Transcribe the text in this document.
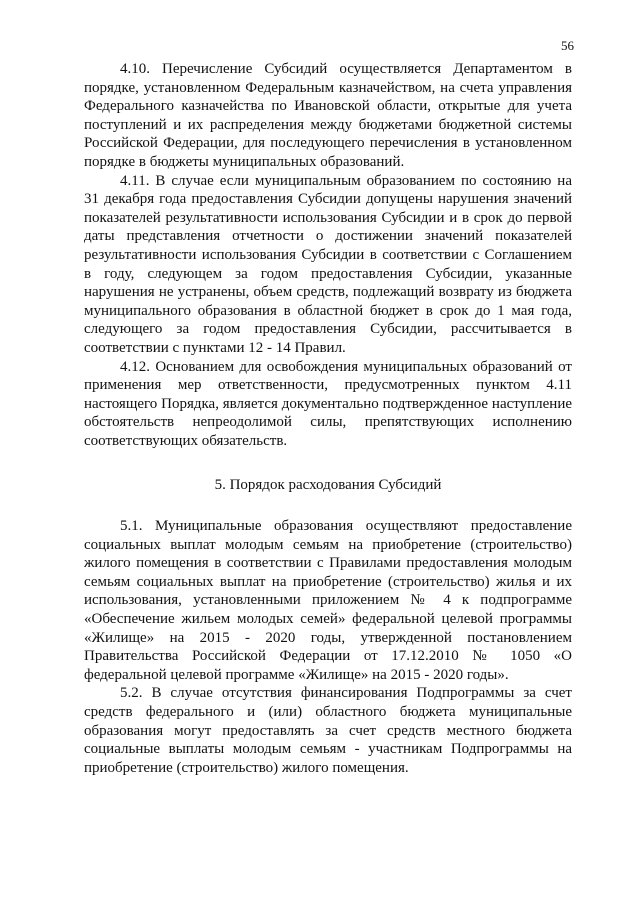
56

4.10. Перечисление Субсидий осуществляется Департаментом в порядке, установленном Федеральным казначейством, на счета управления Федерального казначейства по Ивановской области, открытые для учета поступлений и их распределения между бюджетами бюджетной системы Российской Федерации, для последующего перечисления в установленном порядке в бюджеты муниципальных образований.

4.11. В случае если муниципальным образованием по состоянию на 31 декабря года предоставления Субсидии допущены нарушения значений показателей результативности использования Субсидии и в срок до первой даты представления отчетности о достижении значений показателей результативности использования Субсидии в соответствии с Соглашением в году, следующем за годом предоставления Субсидии, указанные нарушения не устранены, объем средств, подлежащий возврату из бюджета муниципального образования в областной бюджет в срок до 1 мая года, следующего за годом предоставления Субсидии, рассчитывается в соответствии с пунктами 12 - 14 Правил.

4.12. Основанием для освобождения муниципальных образований от применения мер ответственности, предусмотренных пунктом 4.11 настоящего Порядка, является документально подтвержденное наступление обстоятельств непреодолимой силы, препятствующих исполнению соответствующих обязательств.

5. Порядок расходования Субсидий

5.1. Муниципальные образования осуществляют предоставление социальных выплат молодым семьям на приобретение (строительство) жилого помещения в соответствии с Правилами предоставления молодым семьям социальных выплат на приобретение (строительство) жилья и их использования, установленными приложением № 4 к подпрограмме «Обеспечение жильем молодых семей» федеральной целевой программы «Жилище» на 2015 - 2020 годы, утвержденной постановлением Правительства Российской Федерации от 17.12.2010 № 1050 «О федеральной целевой программе «Жилище» на 2015 - 2020 годы».

5.2. В случае отсутствия финансирования Подпрограммы за счет средств федерального и (или) областного бюджета муниципальные образования могут предоставлять за счет средств местного бюджета социальные выплаты молодым семьям - участникам Подпрограммы на приобретение (строительство) жилого помещения.
